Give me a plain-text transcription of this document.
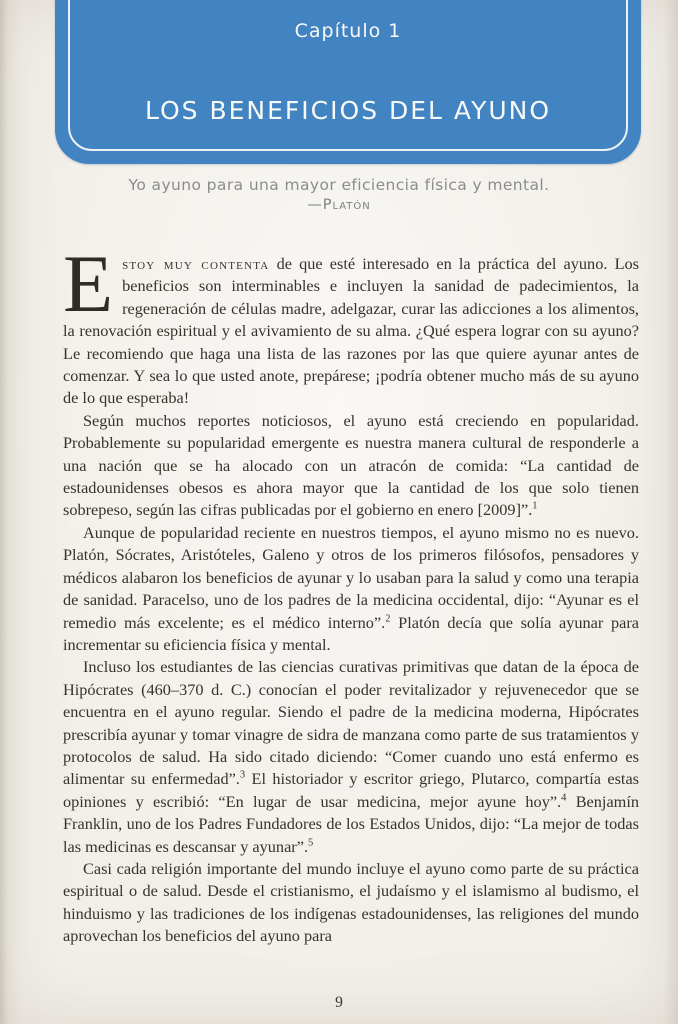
Capítulo 1
LOS BENEFICIOS DEL AYUNO
Yo ayuno para una mayor eficiencia física y mental.
—Platón

Estoy muy contenta de que esté interesado en la práctica del ayuno. Los beneficios son interminables e incluyen la sanidad de padecimientos, la regeneración de células madre, adelgazar, curar las adicciones a los alimentos, la renovación espiritual y el avivamiento de su alma. ¿Qué espera lograr con su ayuno? Le recomiendo que haga una lista de las razones por las que quiere ayunar antes de comenzar. Y sea lo que usted anote, prepárese; ¡podría obtener mucho más de su ayuno de lo que esperaba!

Según muchos reportes noticiosos, el ayuno está creciendo en popularidad. Probablemente su popularidad emergente es nuestra manera cultural de responderle a una nación que se ha alocado con un atracón de comida: “La cantidad de estadounidenses obesos es ahora mayor que la cantidad de los que solo tienen sobrepeso, según las cifras publicadas por el gobierno en enero [2009]”.$^1$

Aunque de popularidad reciente en nuestros tiempos, el ayuno mismo no es nuevo. Platón, Sócrates, Aristóteles, Galeno y otros de los primeros filósofos, pensadores y médicos alabaron los beneficios de ayunar y lo usaban para la salud y como una terapia de sanidad. Paracelso, uno de los padres de la medicina occidental, dijo: “Ayunar es el remedio más excelente; es el médico interno”.$^2$ Platón decía que solía ayunar para incrementar su eficiencia física y mental.

Incluso los estudiantes de las ciencias curativas primitivas que datan de la época de Hipócrates (460–370 d. C.) conocían el poder revitalizador y rejuvenecedor que se encuentra en el ayuno regular. Siendo el padre de la medicina moderna, Hipócrates prescribía ayunar y tomar vinagre de sidra de manzana como parte de sus tratamientos y protocolos de salud. Ha sido citado diciendo: “Comer cuando uno está enfermo es alimentar su enfermedad”.$^3$ El historiador y escritor griego, Plutarco, compartía estas opiniones y escribió: “En lugar de usar medicina, mejor ayune hoy”.$^4$ Benjamín Franklin, uno de los Padres Fundadores de los Estados Unidos, dijo: “La mejor de todas las medicinas es descansar y ayunar”.$^5$

Casi cada religión importante del mundo incluye el ayuno como parte de su práctica espiritual o de salud. Desde el cristianismo, el judaísmo y el islamismo al budismo, el hinduismo y las tradiciones de los indígenas estadounidenses, las religiones del mundo aprovechan los beneficios del ayuno para

9
